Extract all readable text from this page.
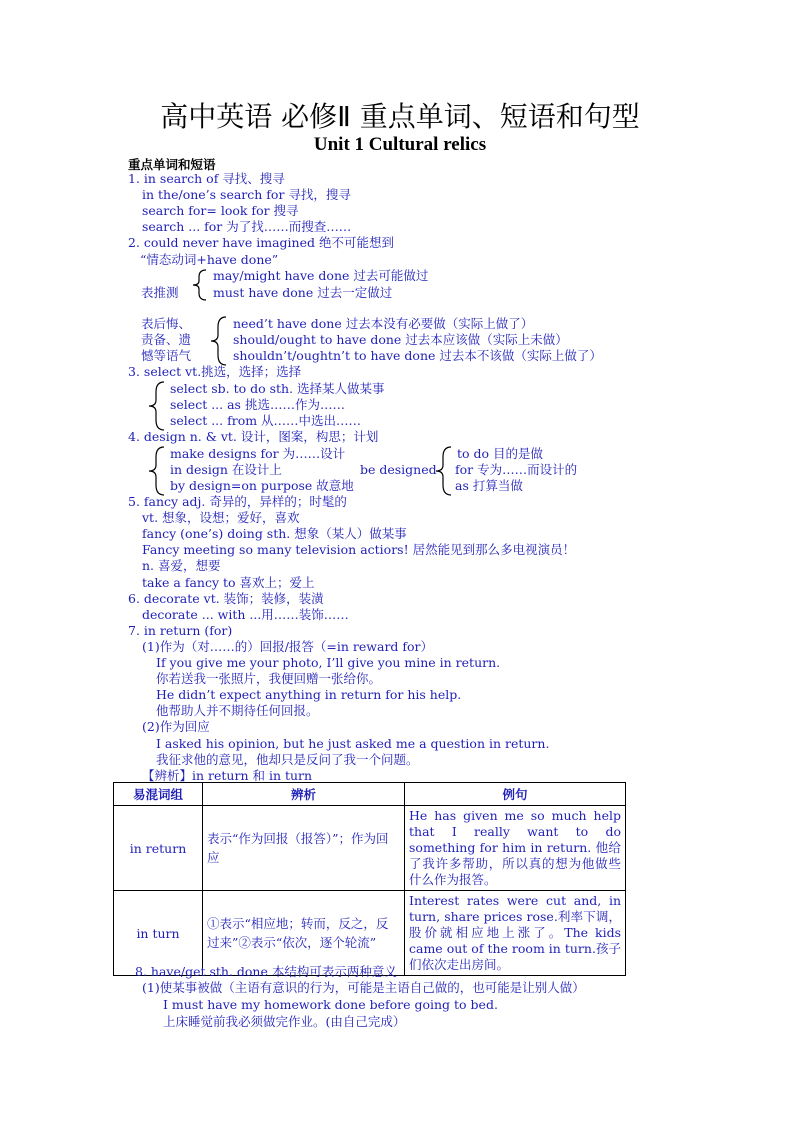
高中英语 必修Ⅱ 重点单词、短语和句型
Unit 1 Cultural relics
重点单词和短语
1. in search of 寻找、搜寻
in the/one’s search for 寻找，搜寻
search for= look for 搜寻
search ... for 为了找……而搜查……
2. could never have imagined 绝不可能想到
“情态动词+have done”
may/might have done 过去可能做过
表推测	must have done 过去一定做过
表后悔、	need’t have done 过去本没有必要做（实际上做了）
责备、遗	should/ought to have done 过去本应该做（实际上未做）
憾等语气	shouldn’t/oughtn’t to have done 过去本不该做（实际上做了）
3. select vt.挑选，选择；选择
select sb. to do sth. 选择某人做某事
select ... as 挑选……作为……
select ... from 从……中选出……
4. design n. & vt. 设计，图案，构思；计划
make designs for 为……设计	to do 目的是做
in design 在设计上	be designed for 专为……而设计的
by design=on purpose 故意地	as 打算当做
5. fancy adj. 奇异的，异样的；时髦的
vt. 想象，设想；爱好，喜欢
fancy (one’s) doing sth. 想象（某人）做某事
Fancy meeting so many television actiors! 居然能见到那么多电视演员！
n. 喜爱，想要
take a fancy to 喜欢上；爱上
6. decorate vt. 装饰；装修，装潢
decorate ... with ...用……装饰……
7. in return (for)
(1)作为（对……的）回报/报答（=in reward for）
If you give me your photo, I’ll give you mine in return.
你若送我一张照片，我便回赠一张给你。
He didn’t expect anything in return for his help.
他帮助人并不期待任何回报。
(2)作为回应
I asked his opinion, but he just asked me a question in return.
我征求他的意见，他却只是反问了我一个问题。
【辨析】in return 和 in turn
易混词组	辨析	例句
in return	表示“作为回报（报答）”；作为回应	He has given me so much help that I really want to do something for him in return. 他给了我许多帮助，所以真的想为他做些什么作为报答。
in turn	①表示“相应地；转而，反之，反过来”②表示“依次，逐个轮流”	Interest rates were cut and, in turn, share prices rose.利率下调，股价就相应地上涨了。The kids came out of the room in turn.孩子们依次走出房间。
8. have/get sth. done 本结构可表示两种意义
(1)使某事被做（主语有意识的行为，可能是主语自己做的，也可能是让别人做）
I must have my homework done before going to bed.
上床睡觉前我必须做完作业。(由自己完成）
